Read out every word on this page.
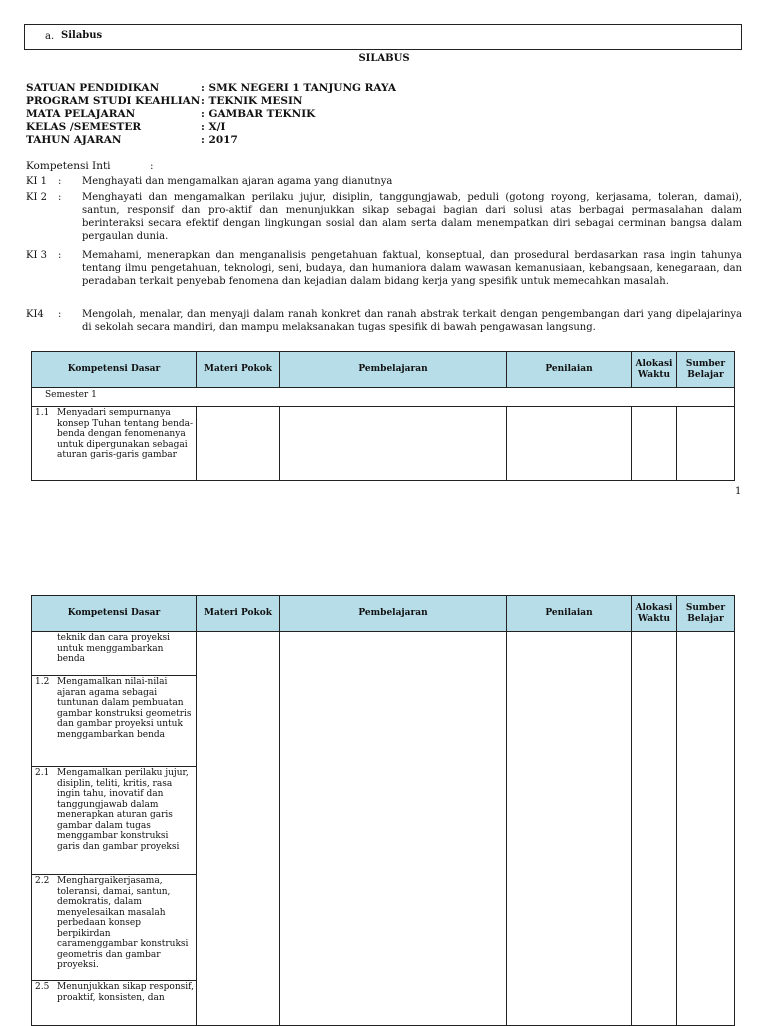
a. Silabus
SILABUS
SATUAN PENDIDIKAN	: SMK NEGERI 1 TANJUNG RAYA
PROGRAM STUDI KEAHLIAN: TEKNIK MESIN
MATA PELAJARAN	: GAMBAR TEKNIK
KELAS /SEMESTER	: X/I
TAHUN AJARAN	: 2017
Kompetensi Inti	:
KI 1	: Menghayati dan mengamalkan ajaran agama yang dianutnya
KI 2	: Menghayati dan mengamalkan perilaku jujur, disiplin, tanggungjawab, peduli (gotong royong, kerjasama, toleran, damai), santun, responsif dan pro-aktif dan menunjukkan sikap sebagai bagian dari solusi atas berbagai permasalahan dalam berinteraksi secara efektif dengan lingkungan sosial dan alam serta dalam menempatkan diri sebagai cerminan bangsa dalam pergaulan dunia.
KI 3	: Memahami, menerapkan dan menganalisis pengetahuan faktual, konseptual, dan prosedural berdasarkan rasa ingin tahunya tentang ilmu pengetahuan, teknologi, seni, budaya, dan humaniora dalam wawasan kemanusiaan, kebangsaan, kenegaraan, dan peradaban terkait penyebab fenomena dan kejadian dalam bidang kerja yang spesifik untuk memecahkan masalah.
KI4	: Mengolah, menalar, dan menyaji dalam ranah konkret dan ranah abstrak terkait dengan pengembangan dari yang dipelajarinya di sekolah secara mandiri, dan mampu melaksanakan tugas spesifik di bawah pengawasan langsung.
Kompetensi Dasar	Materi Pokok	Pembelajaran	Penilaian	Alokasi Waktu	Sumber Belajar
Semester 1					

1.1 Menyadari sempurnanya konsep Tuhan tentang benda-benda dengan fenomenanya untuk dipergunakan sebagai aturan garis-garis gambar					

1
Kompetensi Dasar	Materi Pokok	Pembelajaran	Penilaian	Alokasi Waktu	Sumber Belajar

teknik dan cara proyeksi untuk menggambarkan benda					

1.2 Mengamalkan nilai-nilai ajaran agama sebagai tuntunan dalam pembuatan gambar konstruksi geometris dan gambar proyeksi untuk menggambarkan benda					

2.1 Mengamalkan perilaku jujur, disiplin, teliti, kritis, rasa ingin tahu, inovatif dan tanggungjawab dalam menerapkan aturan garis gambar dalam tugas menggambar konstruksi garis dan gambar proyeksi					

2.2 Menghargaikerjasama, toleransi, damai, santun, demokratis, dalam menyelesaikan masalah perbedaan konsep berpikirdan caramenggambar konstruksi geometris dan gambar proyeksi.					

2.5 Menunjukkan sikap responsif, proaktif, konsisten, dan					
